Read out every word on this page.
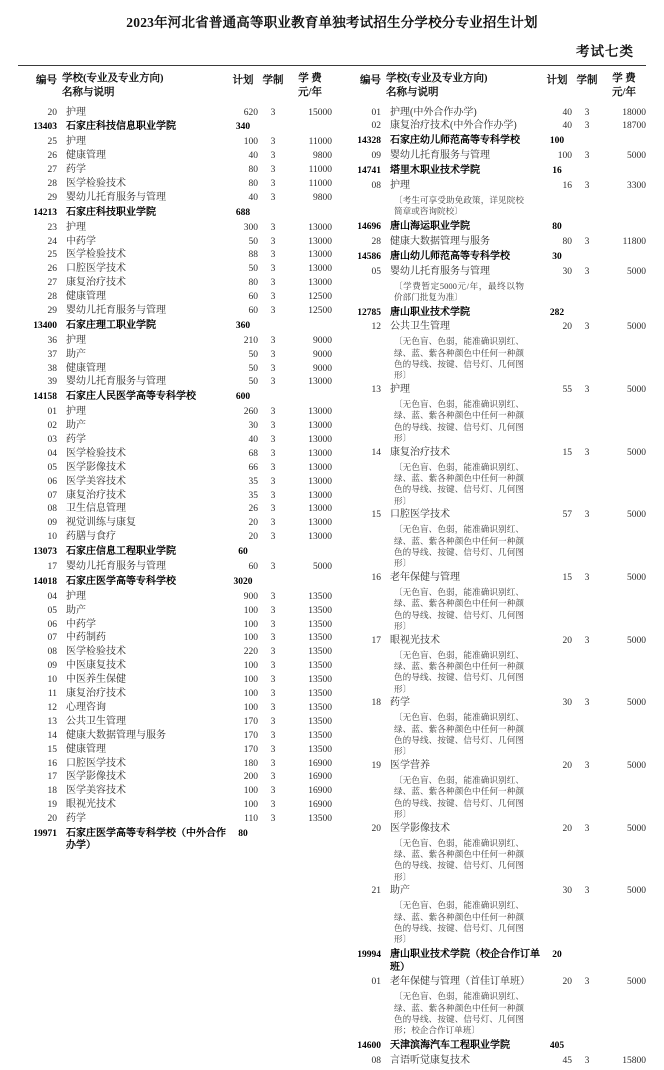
2023年河北省普通高等职业教育单独考试招生分学校分专业招生计划
考试七类
编号 学校(专业及专业方向)
名称与说明
计划 学制	学 费
元/年
编号 学校(专业及专业方向)
名称与说明
计划 学制	学 费
元/年
20 护理	620	3	15000
13403 石家庄科技信息职业学院	340
25 护理	100	3	11000
26 健康管理	40	3	9800
27 药学	80	3	11000
28 医学检验技术	80	3	11000
29 婴幼儿托育服务与管理	40	3	9800
14213 石家庄科技职业学院	688
23 护理	300	3	13000
24 中药学	50	3	13000
25 医学检验技术	88	3	13000
26 口腔医学技术	50	3	13000
27 康复治疗技术	80	3	13000
28 健康管理	60	3	12500
29 婴幼儿托育服务与管理	60	3	12500
13400 石家庄理工职业学院	360
36 护理	210	3	9000
37 助产	50	3	9000
38 健康管理	50	3	9000
39 婴幼儿托育服务与管理	50	3	13000
14158 石家庄人民医学高等专科学校	600
01 护理	260	3	13000
02 助产	30	3	13000
03 药学	40	3	13000
04 医学检验技术	68	3	13000
05 医学影像技术	66	3	13000
06 医学美容技术	35	3	13000
07 康复治疗技术	35	3	13000
08 卫生信息管理	26	3	13000
09 视觉训练与康复	20	3	13000
10 药膳与食疗	20	3	13000
13073 石家庄信息工程职业学院	60
17 婴幼儿托育服务与管理	60	3	5000
14018 石家庄医学高等专科学校	3020
04 护理	900	3	13500
05 助产	100	3	13500
06 中药学	100	3	13500
07 中药制药	100	3	13500
08 医学检验技术	220	3	13500
09 中医康复技术	100	3	13500
10 中医养生保健	100	3	13500
11 康复治疗技术	100	3	13500
12 心理咨询	100	3	13500
13 公共卫生管理	170	3	13500
14 健康大数据管理与服务	170	3	13500
15 健康管理	170	3	13500
16 口腔医学技术	180	3	16900
17 医学影像技术	200	3	16900
18 医学美容技术	100	3	16900
19 眼视光技术	100	3	16900
20 药学	110	3	13500
19971 石家庄医学高等专科学校（中外合作办学）
80
01 护理(中外合作办学)	40	3	18000
02 康复治疗技术(中外合作办学)	40	3	18700
14328 石家庄幼儿师范高等专科学校	100
09 婴幼儿托育服务与管理	100	3	5000
14741 塔里木职业技术学院	16
08 护理	16	3	3300
〔考生可享受助免政策，详见院校简章或咨询院校〕
14696 唐山海运职业学院	80
28 健康大数据管理与服务	80	3	11800
14586 唐山幼儿师范高等专科学校	30
05 婴幼儿托育服务与管理	30	3	5000
〔学费暂定5000元/年，最终以物价部门批复为准〕
12785 唐山职业技术学院	282
12 公共卫生管理	20	3	5000
〔无色盲、色弱，能准确识别红、绿、蓝、紫各种颜色中任何一种颜色的导线、按键、信号灯、几何图形〕
13 护理	55	3	5000
〔无色盲、色弱，能准确识别红、绿、蓝、紫各种颜色中任何一种颜色的导线、按键、信号灯、几何图形〕
14 康复治疗技术	15	3	5000
〔无色盲、色弱，能准确识别红、绿、蓝、紫各种颜色中任何一种颜色的导线、按键、信号灯、几何图形〕
15 口腔医学技术	57	3	5000
〔无色盲、色弱，能准确识别红、绿、蓝、紫各种颜色中任何一种颜色的导线、按键、信号灯、几何图形〕
16 老年保健与管理	15	3	5000
〔无色盲、色弱，能准确识别红、绿、蓝、紫各种颜色中任何一种颜色的导线、按键、信号灯、几何图形〕
17 眼视光技术	20	3	5000
〔无色盲、色弱，能准确识别红、绿、蓝、紫各种颜色中任何一种颜色的导线、按键、信号灯、几何图形〕
18 药学	30	3	5000
〔无色盲、色弱，能准确识别红、绿、蓝、紫各种颜色中任何一种颜色的导线、按键、信号灯、几何图形〕
19 医学营养	20	3	5000
〔无色盲、色弱，能准确识别红、绿、蓝、紫各种颜色中任何一种颜色的导线、按键、信号灯、几何图形〕
20 医学影像技术	20	3	5000
〔无色盲、色弱，能准确识别红、绿、蓝、紫各种颜色中任何一种颜色的导线、按键、信号灯、几何图形〕
21 助产	30	3	5000
〔无色盲、色弱，能准确识别红、绿、蓝、紫各种颜色中任何一种颜色的导线、按键、信号灯、几何图形〕
19994 唐山职业技术学院（校企合作订单班）
20
01 老年保健与管理（首佳订单班）	20	3	5000
〔无色盲、色弱，能准确识别红、绿、蓝、紫各种颜色中任何一种颜色的导线、按键、信号灯、几何图形；校企合作订单班〕
14600 天津滨海汽车工程职业学院	405
08 言语听觉康复技术	45	3	15800
